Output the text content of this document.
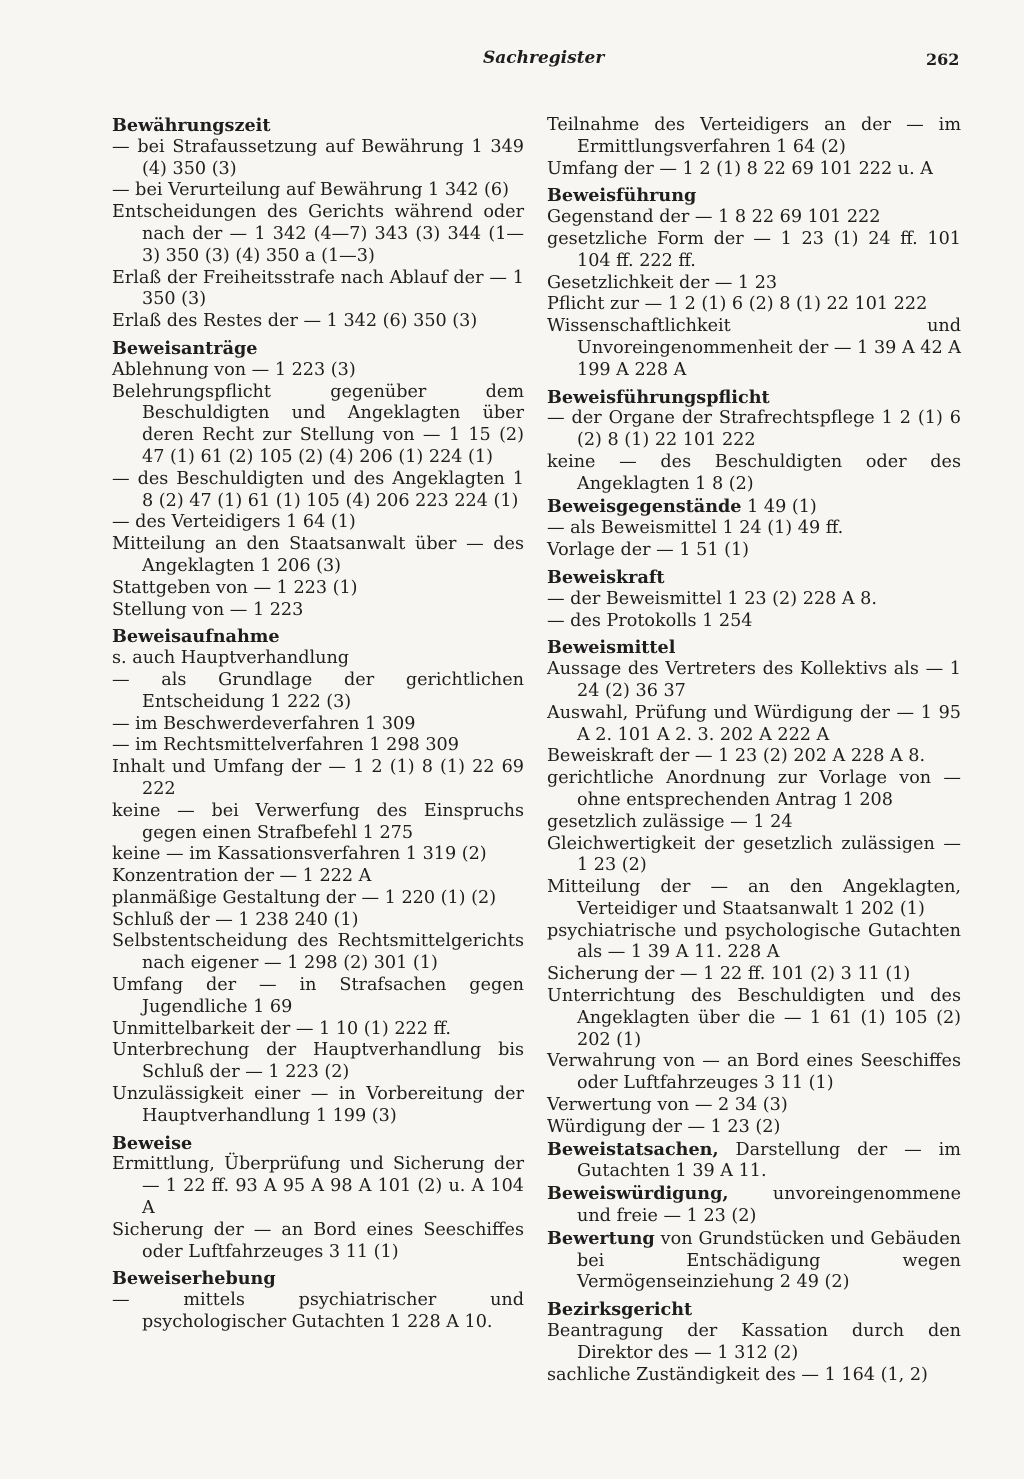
Sachregister	262
Bewährungszeit
— bei Strafaussetzung auf Bewährung 1 349 (4) 350 (3)
— bei Verurteilung auf Bewährung 1 342 (6)
Entscheidungen des Gerichts während oder nach der — 1 342 (4—7) 343 (3) 344 (1—3) 350 (3) (4) 350 a (1—3)
Erlaß der Freiheitsstrafe nach Ablauf der — 1 350 (3)
Erlaß des Restes der — 1 342 (6) 350 (3)
Beweisanträge
Ablehnung von — 1 223 (3)
Belehrungspflicht gegenüber dem Beschuldigten und Angeklagten über deren Recht zur Stellung von — 1 15 (2) 47 (1) 61 (2) 105 (2) (4) 206 (1) 224 (1)
— des Beschuldigten und des Angeklagten 1 8 (2) 47 (1) 61 (1) 105 (4) 206 223 224 (1)
— des Verteidigers 1 64 (1)
Mitteilung an den Staatsanwalt über — des Angeklagten 1 206 (3)
Stattgeben von — 1 223 (1)
Stellung von — 1 223
Beweisaufnahme
s. auch Hauptverhandlung
— als Grundlage der gerichtlichen Entscheidung 1 222 (3)
— im Beschwerdeverfahren 1 309
— im Rechtsmittelverfahren 1 298 309
Inhalt und Umfang der — 1 2 (1) 8 (1) 22 69 222
keine — bei Verwerfung des Einspruchs gegen einen Strafbefehl 1 275
keine — im Kassationsverfahren 1 319 (2)
Konzentration der — 1 222 A
planmäßige Gestaltung der — 1 220 (1) (2)
Schluß der — 1 238 240 (1)
Selbstentscheidung des Rechtsmittelgerichts nach eigener — 1 298 (2) 301 (1)
Umfang der — in Strafsachen gegen Jugendliche 1 69
Unmittelbarkeit der — 1 10 (1) 222 ff.
Unterbrechung der Hauptverhandlung bis Schluß der — 1 223 (2)
Unzulässigkeit einer — in Vorbereitung der Hauptverhandlung 1 199 (3)
Beweise
Ermittlung, Überprüfung und Sicherung der — 1 22 ff. 93 A 95 A 98 A 101 (2) u. A 104 A
Sicherung der — an Bord eines Seeschiffes oder Luftfahrzeuges 3 11 (1)
Beweiserhebung
— mittels psychiatrischer und psychologischer Gutachten 1 228 A 10.
Teilnahme des Verteidigers an der — im Ermittlungsverfahren 1 64 (2)
Umfang der — 1 2 (1) 8 22 69 101 222 u. A
Beweisführung
Gegenstand der — 1 8 22 69 101 222
gesetzliche Form der — 1 23 (1) 24 ff. 101 104 ff. 222 ff.
Gesetzlichkeit der — 1 23
Pflicht zur — 1 2 (1) 6 (2) 8 (1) 22 101 222
Wissenschaftlichkeit und Unvoreingenommenheit der — 1 39 A 42 A 199 A 228 A
Beweisführungspflicht
— der Organe der Strafrechtspflege 1 2 (1) 6 (2) 8 (1) 22 101 222
keine — des Beschuldigten oder des Angeklagten 1 8 (2)
Beweisgegenstände 1 49 (1)
— als Beweismittel 1 24 (1) 49 ff.
Vorlage der — 1 51 (1)
Beweiskraft
— der Beweismittel 1 23 (2) 228 A 8.
— des Protokolls 1 254
Beweismittel
Aussage des Vertreters des Kollektivs als — 1 24 (2) 36 37
Auswahl, Prüfung und Würdigung der — 1 95 A 2. 101 A 2. 3. 202 A 222 A
Beweiskraft der — 1 23 (2) 202 A 228 A 8.
gerichtliche Anordnung zur Vorlage von — ohne entsprechenden Antrag 1 208
gesetzlich zulässige — 1 24
Gleichwertigkeit der gesetzlich zulässigen — 1 23 (2)
Mitteilung der — an den Angeklagten, Verteidiger und Staatsanwalt 1 202 (1)
psychiatrische und psychologische Gutachten als — 1 39 A 11. 228 A
Sicherung der — 1 22 ff. 101 (2) 3 11 (1)
Unterrichtung des Beschuldigten und des Angeklagten über die — 1 61 (1) 105 (2) 202 (1)
Verwahrung von — an Bord eines Seeschiffes oder Luftfahrzeuges 3 11 (1)
Verwertung von — 2 34 (3)
Würdigung der — 1 23 (2)
Beweistatsachen, Darstellung der — im Gutachten 1 39 A 11.
Beweiswürdigung, unvoreingenommene und freie — 1 23 (2)
Bewertung von Grundstücken und Gebäuden bei Entschädigung wegen Vermögenseinziehung 2 49 (2)
Bezirksgericht
Beantragung der Kassation durch den Direktor des — 1 312 (2)
sachliche Zuständigkeit des — 1 164 (1, 2)
